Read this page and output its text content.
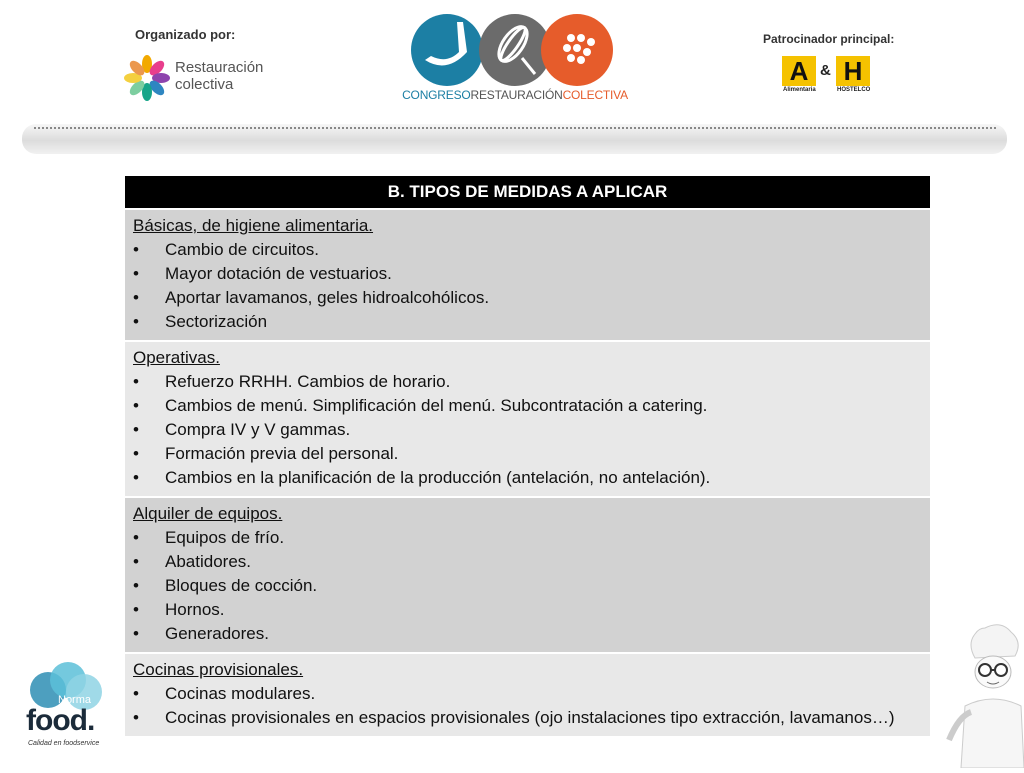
Organizado por:
Restauración
colectiva
CONGRESORESTAURACIÓNCOLECTIVA
Patrocinador principal:
A & H
Alimentaria	HOSTELCO
B. TIPOS DE MEDIDAS A APLICAR

Básicas, de higiene alimentaria.
•	Cambio de circuitos.
•	Mayor dotación de vestuarios.
•	Aportar lavamanos, geles hidroalcohólicos.
•	Sectorización

Operativas.
•	Refuerzo RRHH. Cambios de horario.
•	Cambios de menú. Simplificación del menú. Subcontratación a catering.
•	Compra IV y V gammas.
•	Formación previa del personal.
•	Cambios en la planificación de la producción (antelación, no antelación).

Alquiler de equipos.
•	Equipos de frío.
•	Abatidores.
•	Bloques de cocción.
•	Hornos.
•	Generadores.

Cocinas provisionales.
•	Cocinas modulares.
•	Cocinas provisionales en espacios provisionales (ojo instalaciones tipo extracción, lavamanos…)
Norma
food.
Calidad en foodservice
